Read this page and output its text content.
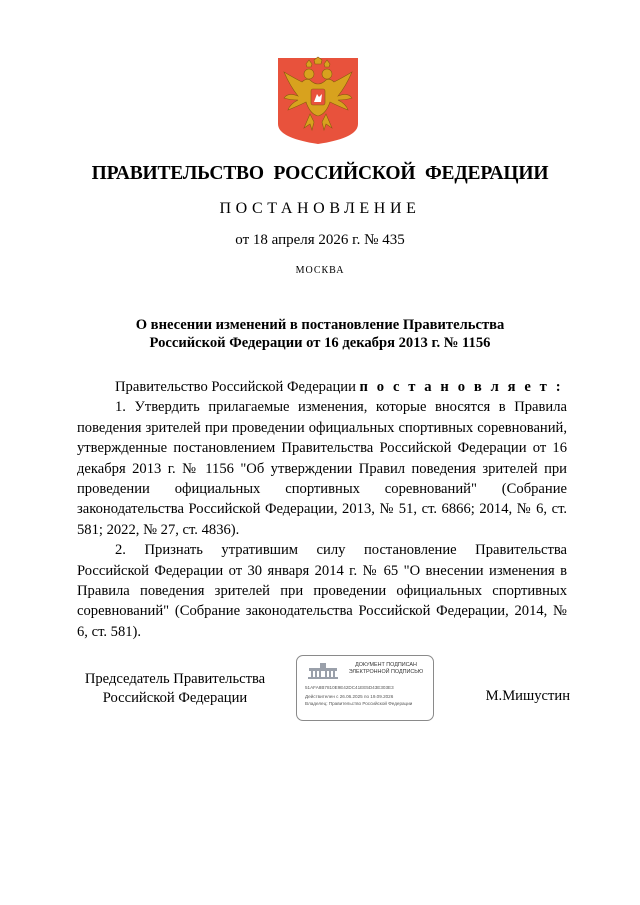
ПРАВИТЕЛЬСТВО РОССИЙСКОЙ ФЕДЕРАЦИИ
ПОСТАНОВЛЕНИЕ
от 18 апреля 2026 г. № 435
МОСКВА
О внесении изменений в постановление Правительства
Российской Федерации от 16 декабря 2013 г. № 1156

Правительство Российской Федерации п о с т а н о в л я е т :

1. Утвердить прилагаемые изменения, которые вносятся в Правила поведения зрителей при проведении официальных спортивных соревнований, утвержденные постановлением Правительства Российской Федерации от 16 декабря 2013 г. № 1156 "Об утверждении Правил поведения зрителей при проведении официальных спортивных соревнований" (Собрание законодательства Российской Федерации, 2013, № 51, ст. 6866; 2014, № 6, ст. 581; 2022, № 27, ст. 4836).

2. Признать утратившим силу постановление Правительства Российской Федерации от 30 января 2014 г. № 65 "О внесении изменения в Правила поведения зрителей при проведении официальных спортивных соревнований" (Собрание законодательства Российской Федерации, 2014, № 6, ст. 581).

Председатель Правительства
Российской Федерации
ДОКУМЕНТ ПОДПИСАН
ЭЛЕКТРОННОЙ ПОДПИСЬЮ
51AFA8B7810E9E42DC41EE5D43E303E3
Действителен с 26.06.2025 по 19.09.2026
Владелец: Правительство Российской Федерации	М.Мишустин
